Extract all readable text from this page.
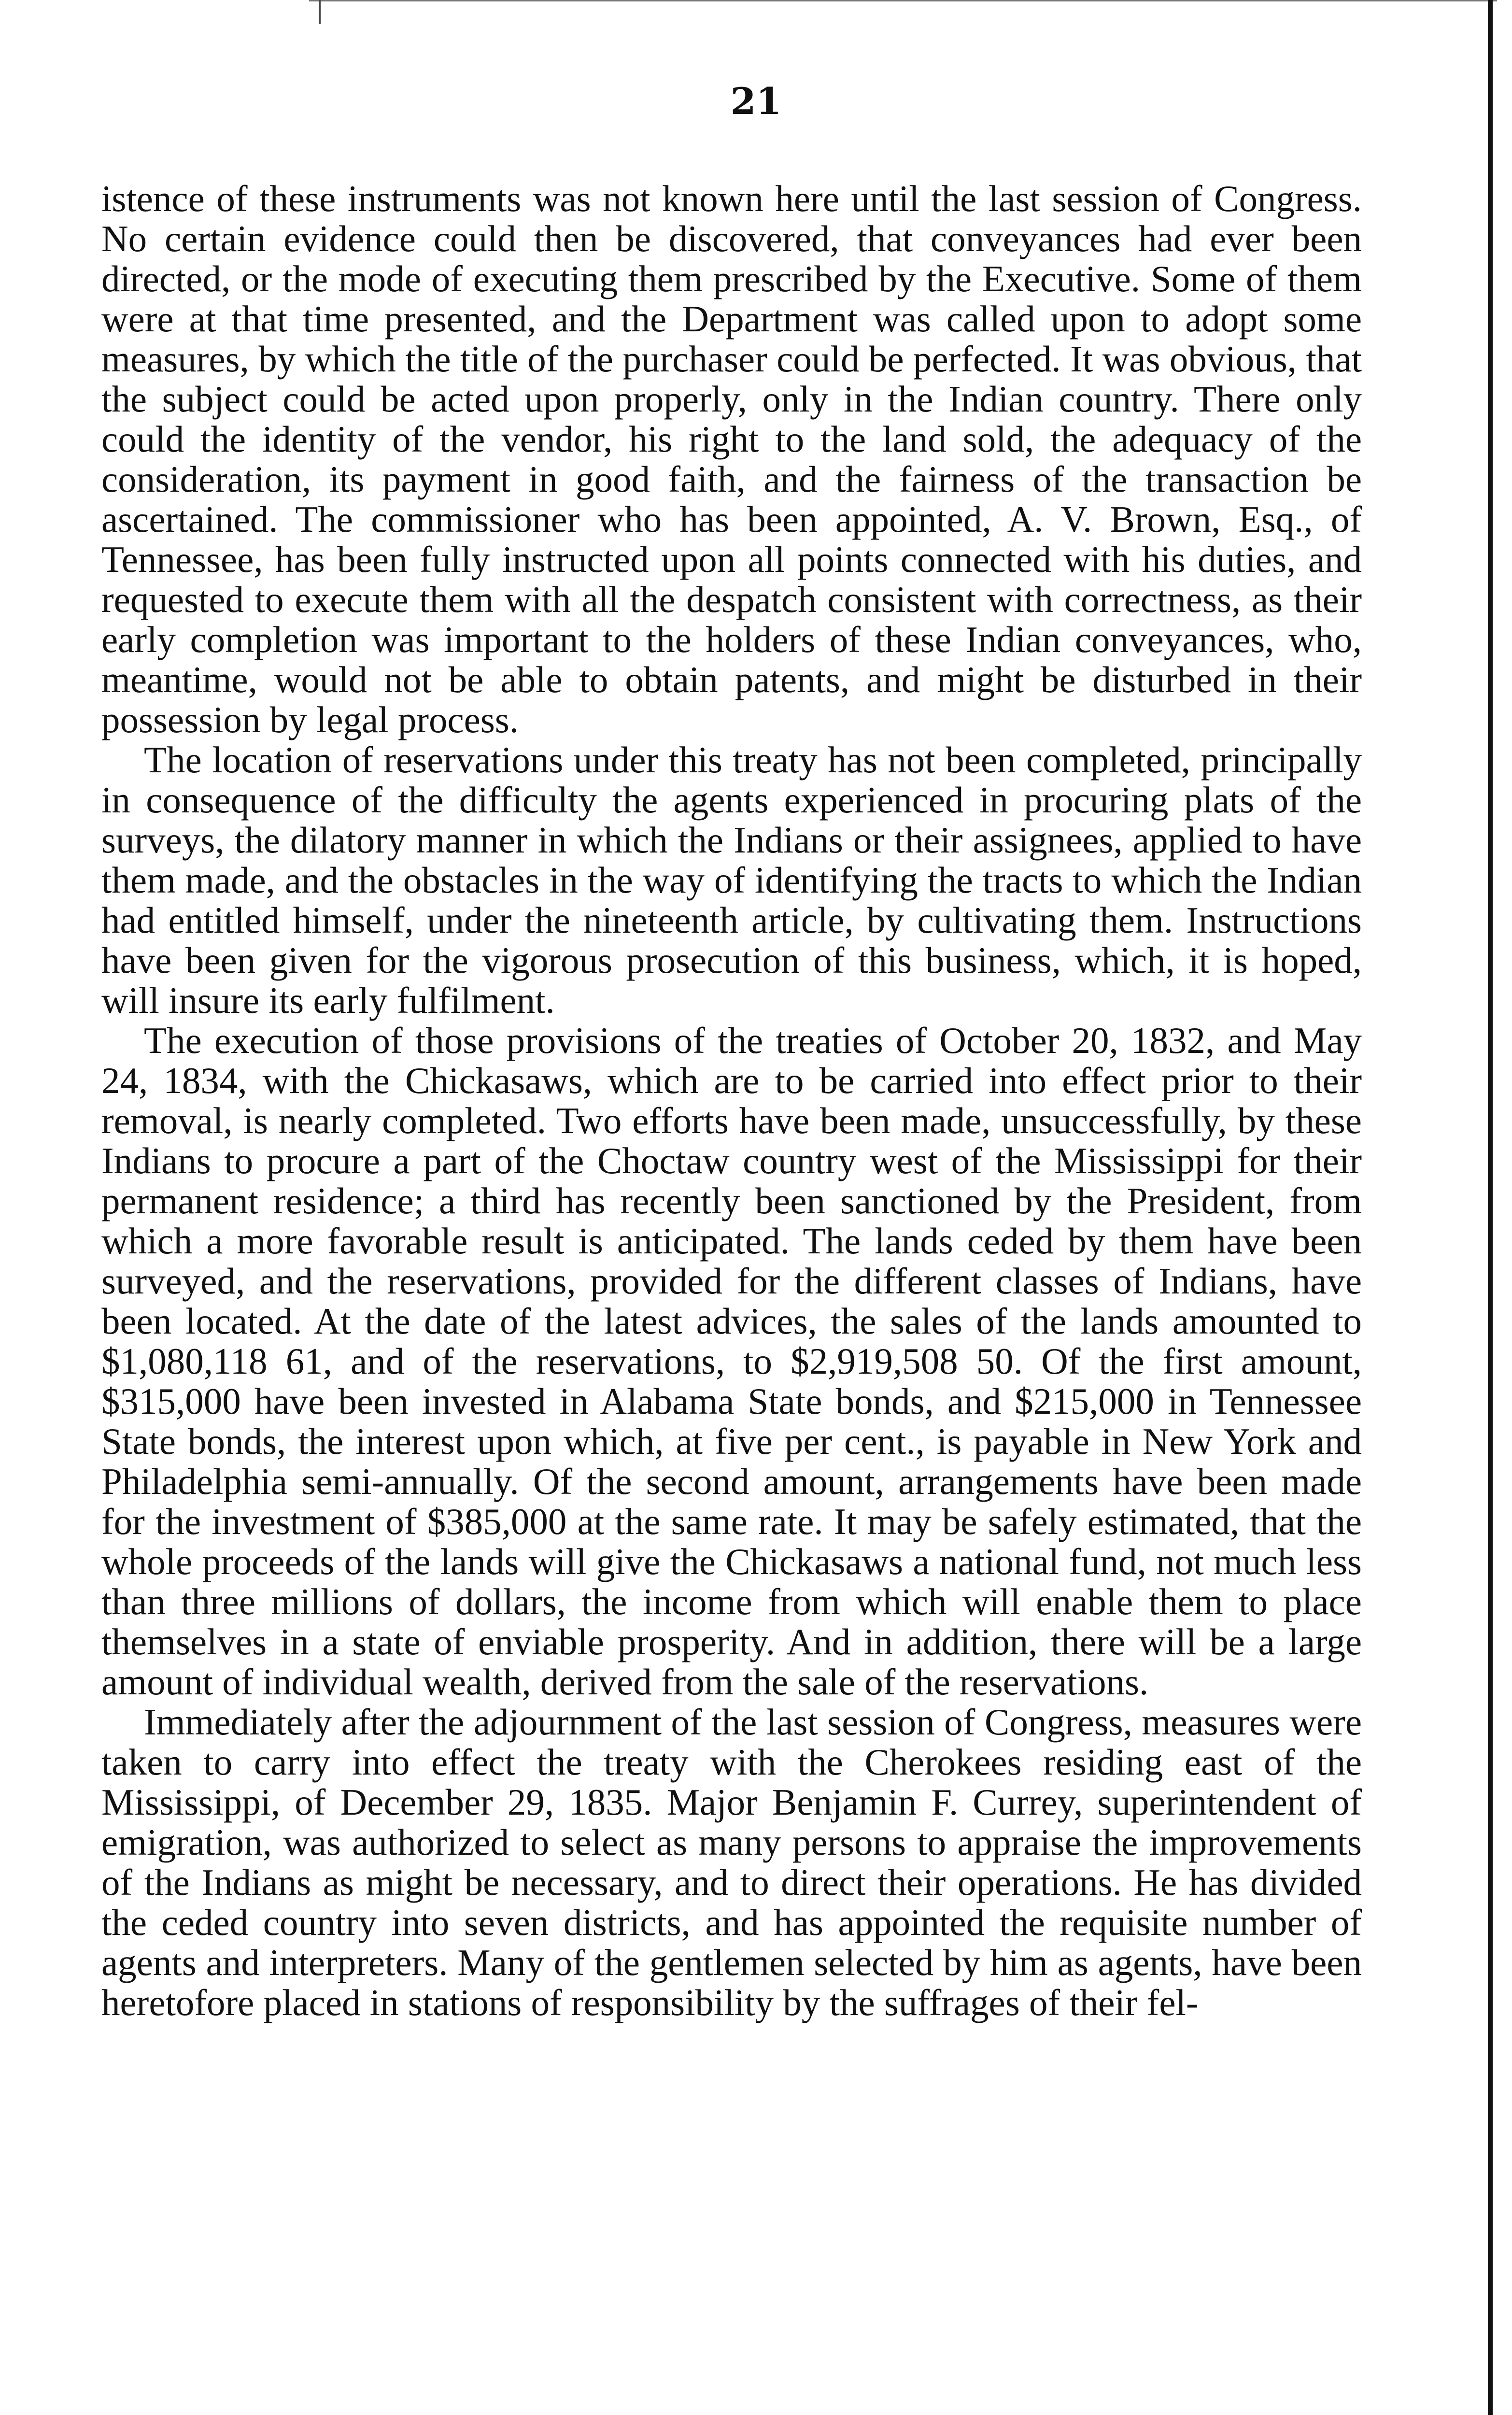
21

istence of these instruments was not known here until the last session of Congress. No certain evidence could then be discovered, that conveyances had ever been directed, or the mode of executing them prescribed by the Executive. Some of them were at that time presented, and the Department was called upon to adopt some measures, by which the title of the purchaser could be perfected. It was obvious, that the subject could be acted upon properly, only in the Indian country. There only could the identity of the vendor, his right to the land sold, the adequacy of the consideration, its payment in good faith, and the fairness of the transaction be ascertained. The commissioner who has been appointed, A. V. Brown, Esq., of Tennessee, has been fully instructed upon all points connected with his duties, and requested to execute them with all the despatch consistent with correctness, as their early completion was important to the holders of these Indian conveyances, who, meantime, would not be able to obtain patents, and might be disturbed in their possession by legal process.

The location of reservations under this treaty has not been completed, principally in consequence of the difficulty the agents experienced in procuring plats of the surveys, the dilatory manner in which the Indians or their assignees, applied to have them made, and the obstacles in the way of identifying the tracts to which the Indian had entitled himself, under the nineteenth article, by cultivating them. Instructions have been given for the vigorous prosecution of this business, which, it is hoped, will insure its early fulfilment.

The execution of those provisions of the treaties of October 20, 1832, and May 24, 1834, with the Chickasaws, which are to be carried into effect prior to their removal, is nearly completed. Two efforts have been made, unsuccessfully, by these Indians to procure a part of the Choctaw country west of the Mississippi for their permanent residence; a third has recently been sanctioned by the President, from which a more favorable result is anticipated. The lands ceded by them have been surveyed, and the reservations, provided for the different classes of Indians, have been located. At the date of the latest advices, the sales of the lands amounted to $1,080,118 61, and of the reservations, to $2,919,508 50. Of the first amount, $315,000 have been invested in Alabama State bonds, and $215,000 in Tennessee State bonds, the interest upon which, at five per cent., is payable in New York and Philadelphia semi-annually. Of the second amount, arrangements have been made for the investment of $385,000 at the same rate. It may be safely estimated, that the whole proceeds of the lands will give the Chickasaws a national fund, not much less than three millions of dollars, the income from which will enable them to place themselves in a state of enviable prosperity. And in addition, there will be a large amount of individual wealth, derived from the sale of the reservations.

Immediately after the adjournment of the last session of Congress, measures were taken to carry into effect the treaty with the Cherokees residing east of the Mississippi, of December 29, 1835. Major Benjamin F. Currey, superintendent of emigration, was authorized to select as many persons to appraise the improvements of the Indians as might be necessary, and to direct their operations. He has divided the ceded country into seven districts, and has appointed the requisite number of agents and interpreters. Many of the gentlemen selected by him as agents, have been heretofore placed in stations of responsibility by the suffrages of their fel-
